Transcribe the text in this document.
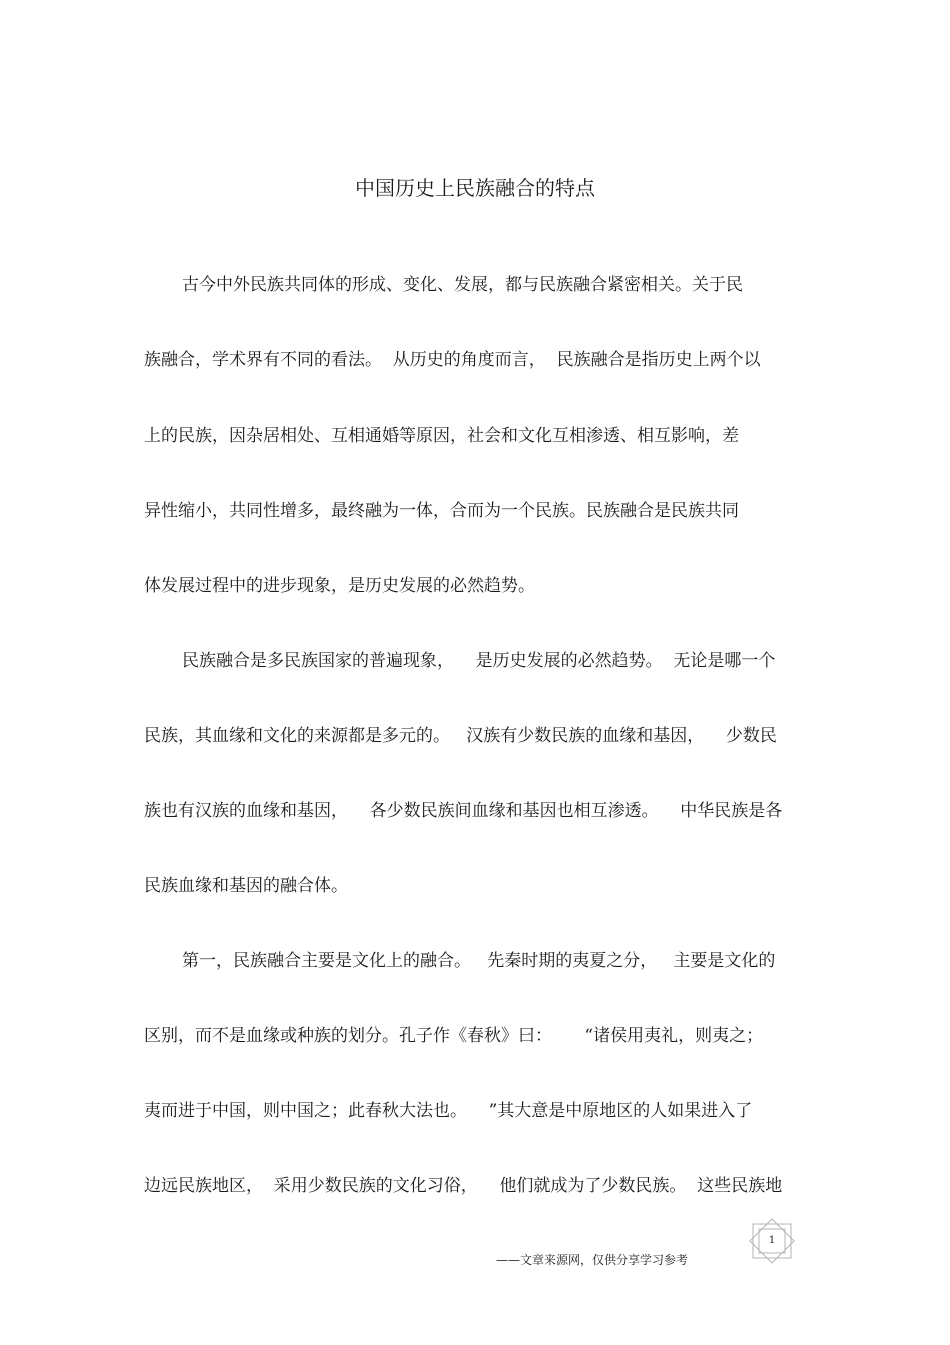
中国历史上民族融合的特点
古今中外民族共同体的形成、变化、发展，都与民族融合紧密相关。关于民
族融合，学术界有不同的看法。  从历史的角度而言，  民族融合是指历史上两个以
上的民族，因杂居相处、互相通婚等原因，社会和文化互相渗透、相互影响，差
异性缩小，共同性增多，最终融为一体，合而为一个民族。民族融合是民族共同
体发展过程中的进步现象，是历史发展的必然趋势。
民族融合是多民族国家的普遍现象，    是历史发展的必然趋势。  无论是哪一个
民族，其血缘和文化的来源都是多元的。   汉族有少数民族的血缘和基因，    少数民
族也有汉族的血缘和基因，    各少数民族间血缘和基因也相互渗透。    中华民族是各
民族血缘和基因的融合体。
第一，民族融合主要是文化上的融合。   先秦时期的夷夏之分，   主要是文化的
区别，而不是血缘或种族的划分。孔子作《春秋》曰：      “诸侯用夷礼，则夷之；
夷而进于中国，则中国之；此春秋大法也。    ”其大意是中原地区的人如果进入了
边远民族地区，  采用少数民族的文化习俗，    他们就成为了少数民族。  这些民族地
1
——文章来源网，仅供分享学习参考
